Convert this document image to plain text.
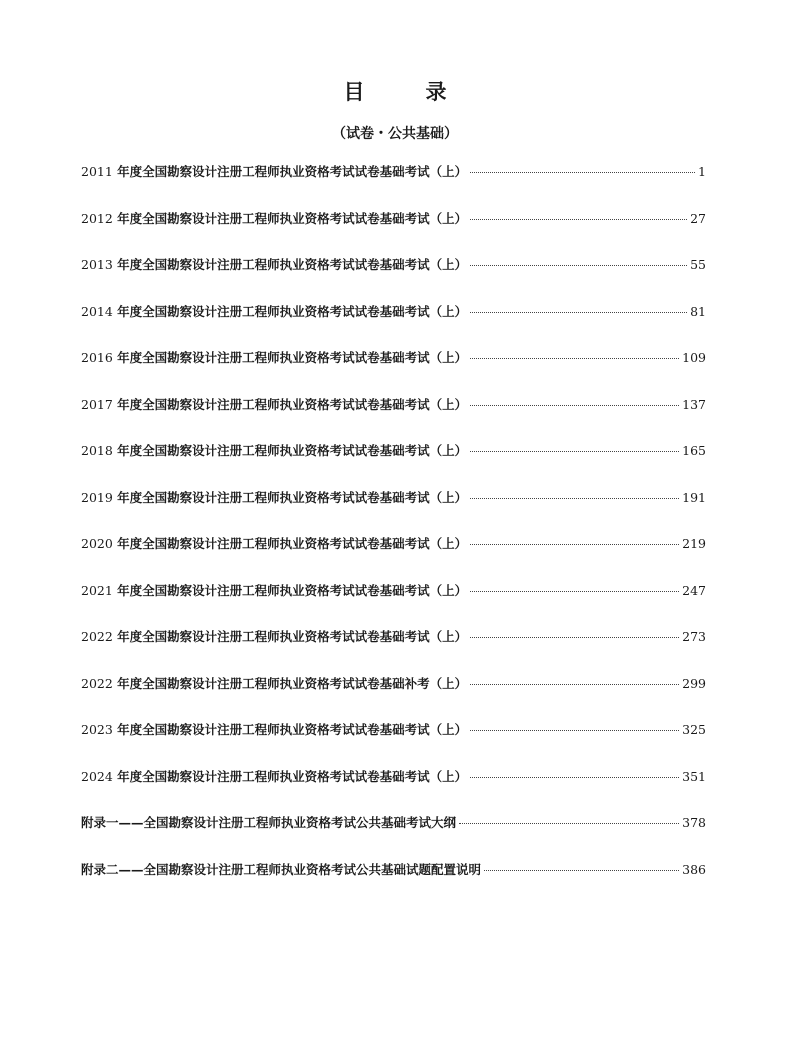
目　录
（试卷・公共基础）
2011 年度全国勘察设计注册工程师执业资格考试试卷基础考试（上）	1
2012 年度全国勘察设计注册工程师执业资格考试试卷基础考试（上）	27
2013 年度全国勘察设计注册工程师执业资格考试试卷基础考试（上）	55
2014 年度全国勘察设计注册工程师执业资格考试试卷基础考试（上）	81
2016 年度全国勘察设计注册工程师执业资格考试试卷基础考试（上）	109
2017 年度全国勘察设计注册工程师执业资格考试试卷基础考试（上）	137
2018 年度全国勘察设计注册工程师执业资格考试试卷基础考试（上）	165
2019 年度全国勘察设计注册工程师执业资格考试试卷基础考试（上）	191
2020 年度全国勘察设计注册工程师执业资格考试试卷基础考试（上）	219
2021 年度全国勘察设计注册工程师执业资格考试试卷基础考试（上）	247
2022 年度全国勘察设计注册工程师执业资格考试试卷基础考试（上）	273
2022 年度全国勘察设计注册工程师执业资格考试试卷基础补考（上）	299
2023 年度全国勘察设计注册工程师执业资格考试试卷基础考试（上）	325
2024 年度全国勘察设计注册工程师执业资格考试试卷基础考试（上）	351
附录一——全国勘察设计注册工程师执业资格考试公共基础考试大纲	378
附录二——全国勘察设计注册工程师执业资格考试公共基础试题配置说明	386
